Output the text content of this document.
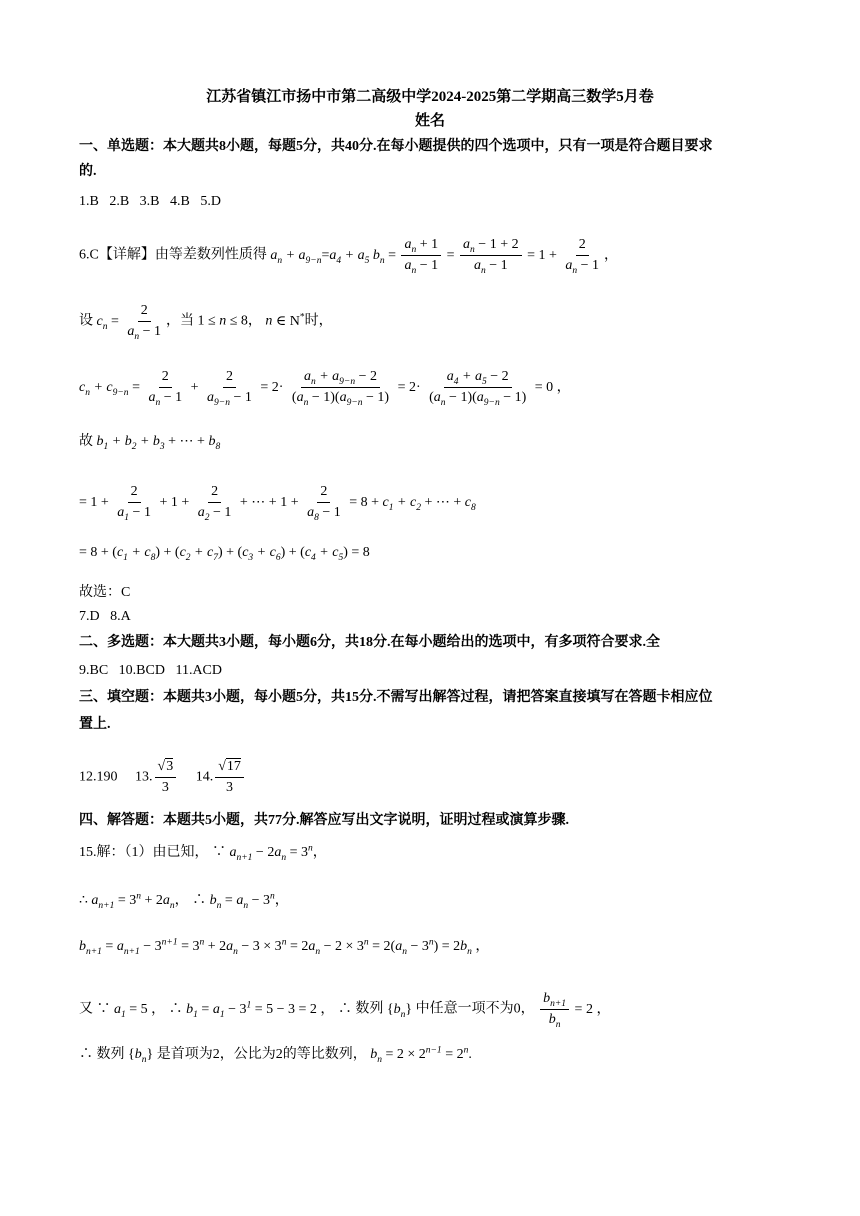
江苏省镇江市扬中市第二高级中学2024-2025第二学期高三数学5月卷
姓名
一、单选题：本大题共8小题，每题5分，共40分.在每小题提供的四个选项中，只有一项是符合题目要求
的.
1.B   2.B   3.B   4.B   5.D
6.C【详解】由等差数列性质得 $a_n + a_{9-n}=a_4 + a_5$ $b_n = \frac{a_n + 1}{a_n - 1} = \frac{a_n - 1 + 2}{a_n - 1} = 1 + \frac{2}{a_n - 1}$ ，
设 $c_n = \frac{2}{a_n - 1}$ ，当 1 ≤ n ≤ 8， n ∈ N*时，
$c_n + c_{9-n} = \frac{2}{a_n - 1} + \frac{2}{a_{9-n} - 1} = 2\cdot \frac{a_n + a_{9-n} - 2}{(a_n - 1)(a_{9-n} - 1)} = 2\cdot \frac{a_4 + a_5 - 2}{(a_n - 1)(a_{9-n} - 1)} = 0$ ，
故 $b_1 + b_2 + b_3$ + ⋯ + $b_8$
= $1 + \frac{2}{a_1 - 1} + 1 + \frac{2}{a_2 - 1}$ + ⋯ + $1 + \frac{2}{a_8 - 1} = 8 + c_1 + c_2$ + ⋯ + $c_8$
= $8 + (c_1 + c_8) + (c_2 + c_7) + (c_3 + c_6) + (c_4 + c_5) = 8$
故选：C
7.D   8.A
二、多选题：本大题共3小题，每小题6分，共18分.在每小题给出的选项中，有多项符合要求.全
9.BC   10.BCD   11.ACD
三、填空题：本题共3小题，每小题5分，共15分.不需写出解答过程，请把答案直接填写在答题卡相应位
置上.
12.190 13. $\frac{√3}{3} 14$. $\frac{√17}{3}$
四、解答题：本题共5小题，共77分.解答应写出文字说明，证明过程或演算步骤.
15.解：（1）由已知， ∵ $a_{n+1} - 2a_n = 3^n$，
∴ $a_{n+1} = 3^n + 2a_n$， ∴ $b_n = a_n - 3^n$，
$b_{n+1} = a_{n+1} - 3^{n+1} = 3^n + 2a_n - 3 \times 3^n = 2a_n - 2 \times 3^n = 2(a_n - 3^n) = 2b_n$ ，
又 ∵ $a_1 = 5$ ， ∴ $b_1 = a_1 - 3^1 = 5 - 3 = 2$ ， ∴ 数列 $\{b_n\}$ 中任意一项不为0， $\frac{b_{n+1}}{b_n} = 2$ ，
∴ 数列 $\{b_n\}$ 是首项为2，公比为2的等比数列， $b_n = 2 \times 2^{n-1} = 2^n$.
